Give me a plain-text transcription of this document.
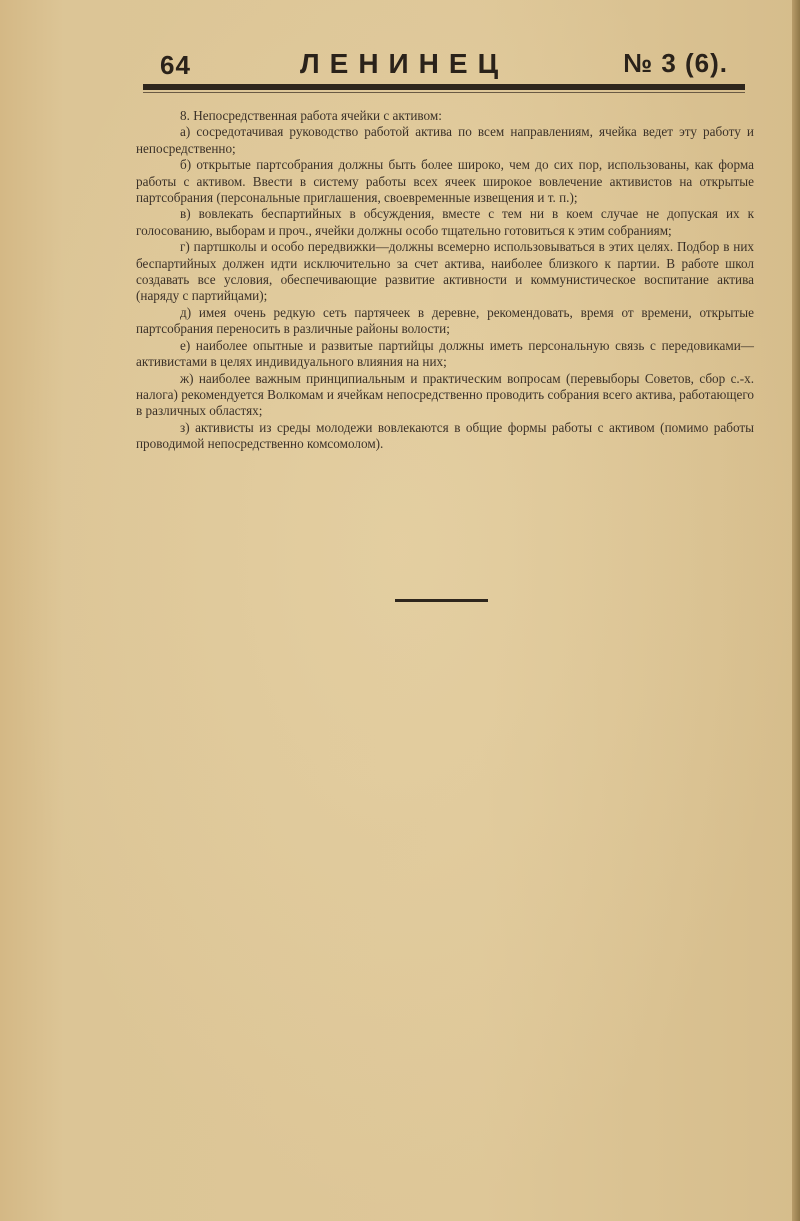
64	ЛЕНИНЕЦ	№ 3 (6).

8. Непосредственная работа ячейки с активом:

а) сосредотачивая руководство работой актива по всем направлениям, ячейка ведет эту работу и непосредственно;

б) открытые партсобрания должны быть более широко, чем до сих пор, использованы, как форма работы с активом. Ввести в систему работы всех ячеек широкое вовлечение активистов на открытые партсобрания (персональные приглашения, своевременные извещения и т. п.);

в) вовлекать беспартийных в обсуждения, вместе с тем ни в коем случае не допуская их к голосованию, выборам и проч., ячейки должны особо тщательно готовиться к этим собраниям;

г) партшколы и особо передвижки—должны всемерно использовываться в этих целях. Подбор в них беспартийных должен идти исключительно за счет актива, наиболее близкого к партии. В работе школ создавать все условия, обеспечивающие развитие активности и коммунистическое воспитание актива (наряду с партийцами);

д) имея очень редкую сеть партячеек в деревне, рекомендовать, время от времени, открытые партсобрания переносить в различные районы волости;

е) наиболее опытные и развитые партийцы должны иметь персональную связь с передовиками—активистами в целях индивидуального влияния на них;

ж) наиболее важным принципиальным и практическим вопросам (перевыборы Советов, сбор с.-х. налога) рекомендуется Волкомам и ячейкам непосредственно проводить собрания всего актива, работающего в различных областях;

з) активисты из среды молодежи вовлекаются в общие формы работы с активом (помимо работы проводимой непосредственно комсомолом).
